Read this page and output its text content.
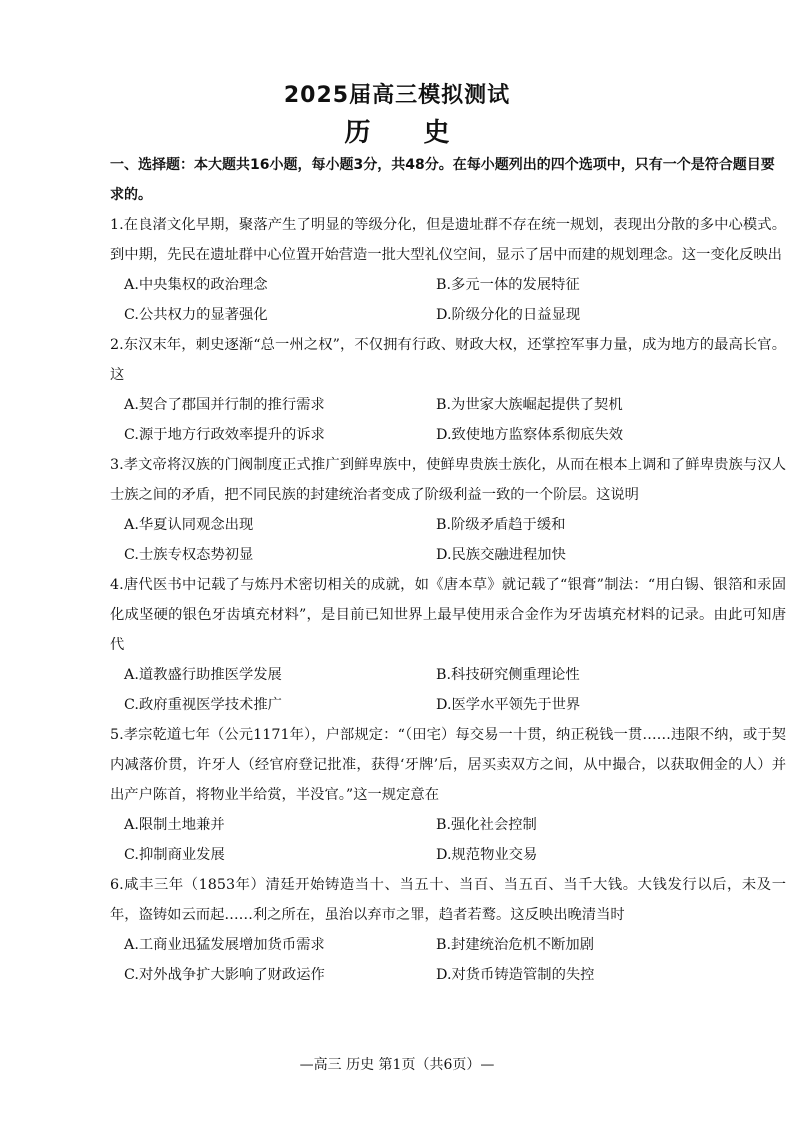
2025届高三模拟测试
历 史
一、选择题：本大题共16小题，每小题3分，共48分。在每小题列出的四个选项中，只有一个是符合题目要求的。
1.在良渚文化早期，聚落产生了明显的等级分化，但是遗址群不存在统一规划，表现出分散的多中心模式。到中期，先民在遗址群中心位置开始营造一批大型礼仪空间，显示了居中而建的规划理念。这一变化反映出
A.中央集权的政治理念	B.多元一体的发展特征
C.公共权力的显著强化	D.阶级分化的日益显现
2.东汉末年，刺史逐渐“总一州之权”，不仅拥有行政、财政大权，还掌控军事力量，成为地方的最高长官。这
A.契合了郡国并行制的推行需求	B.为世家大族崛起提供了契机
C.源于地方行政效率提升的诉求	D.致使地方监察体系彻底失效
3.孝文帝将汉族的门阀制度正式推广到鲜卑族中，使鲜卑贵族士族化，从而在根本上调和了鲜卑贵族与汉人士族之间的矛盾，把不同民族的封建统治者变成了阶级利益一致的一个阶层。这说明
A.华夏认同观念出现	B.阶级矛盾趋于缓和
C.士族专权态势初显	D.民族交融进程加快
4.唐代医书中记载了与炼丹术密切相关的成就，如《唐本草》就记载了“银膏”制法：“用白锡、银箔和汞固化成坚硬的银色牙齿填充材料”，是目前已知世界上最早使用汞合金作为牙齿填充材料的记录。由此可知唐代
A.道教盛行助推医学发展	B.科技研究侧重理论性
C.政府重视医学技术推广	D.医学水平领先于世界
5.孝宗乾道七年（公元1171年），户部规定：“（田宅）每交易一十贯，纳正税钱一贯……违限不纳，或于契内减落价贯，许牙人（经官府登记批准，获得‘牙牌’后，居买卖双方之间，从中撮合，以获取佣金的人）并出产户陈首，将物业半给赏，半没官。”这一规定意在
A.限制土地兼并	B.强化社会控制
C.抑制商业发展	D.规范物业交易
6.咸丰三年（1853年）清廷开始铸造当十、当五十、当百、当五百、当千大钱。大钱发行以后，未及一年，盗铸如云而起……利之所在，虽治以弃市之罪，趋者若鹜。这反映出晚清当时
A.工商业迅猛发展增加货币需求	B.封建统治危机不断加剧
C.对外战争扩大影响了财政运作	D.对货币铸造管制的失控
—高三 历史 第1页（共6页）—
